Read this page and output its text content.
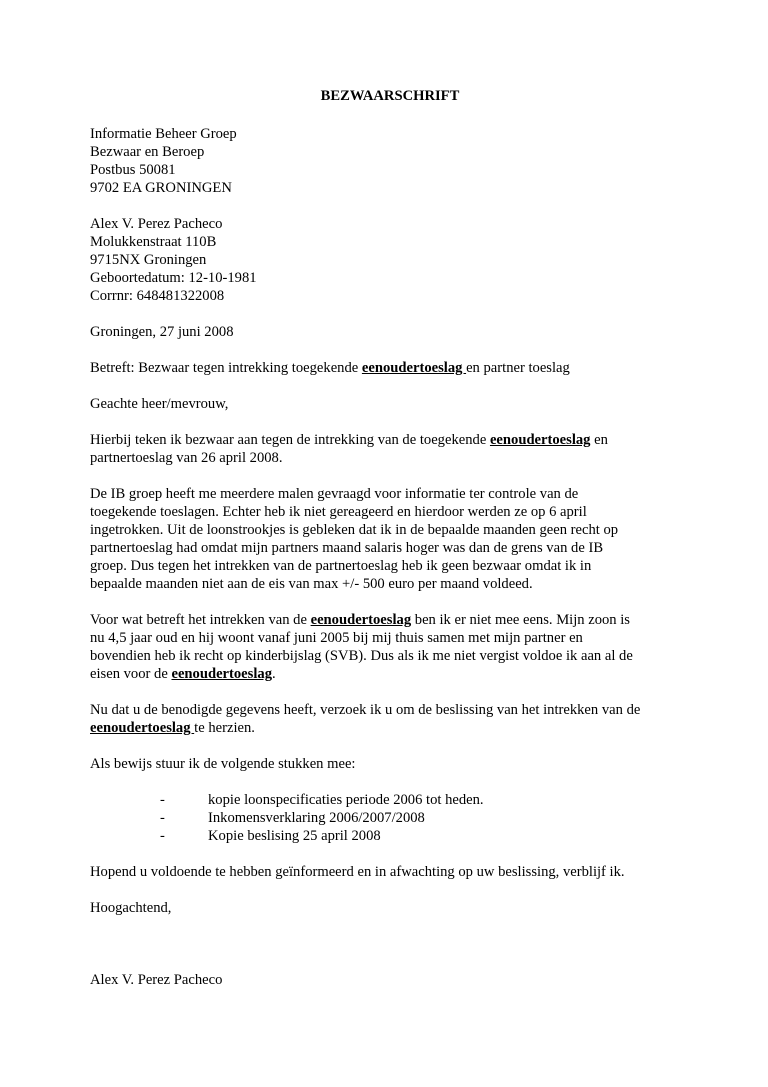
BEZWAARSCHRIFT
Informatie Beheer Groep
Bezwaar en Beroep
Postbus 50081
9702 EA GRONINGEN
Alex V. Perez Pacheco
Molukkenstraat 110B
9715NX Groningen
Geboortedatum: 12-10-1981
Corrnr: 648481322008

Groningen, 27 juni 2008

Betreft: Bezwaar tegen intrekking toegekende eenoudertoeslag en partner toeslag

Geachte heer/mevrouw,

Hierbij teken ik bezwaar aan tegen de intrekking van de toegekende eenoudertoeslag en
partnertoeslag van 26 april 2008.

De IB groep heeft me meerdere malen gevraagd voor informatie ter controle van de
toegekende toeslagen. Echter heb ik niet gereageerd en hierdoor werden ze op 6 april
ingetrokken. Uit de loonstrookjes is gebleken dat ik in de bepaalde maanden geen recht op
partnertoeslag had omdat mijn partners maand salaris hoger was dan de grens van de IB
groep. Dus tegen het intrekken van de partnertoeslag heb ik geen bezwaar omdat ik in
bepaalde maanden niet aan de eis van max +/- 500 euro per maand voldeed.

Voor wat betreft het intrekken van de eenoudertoeslag ben ik er niet mee eens. Mijn zoon is
nu 4,5 jaar oud en hij woont vanaf juni 2005 bij mij thuis samen met mijn partner en
bovendien heb ik recht op kinderbijslag (SVB). Dus als ik me niet vergist voldoe ik aan al de
eisen voor de eenoudertoeslag.

Nu dat u de benodigde gegevens heeft, verzoek ik u om de beslissing van het intrekken van de
eenoudertoeslag te herzien.

Als bewijs stuur ik de volgende stukken mee:

-	kopie loonspecificaties periode 2006 tot heden.
-	Inkomensverklaring 2006/2007/2008
-	Kopie beslising 25 april 2008

Hopend u voldoende te hebben geïnformeerd en in afwachting op uw beslissing, verblijf ik.

Hoogachtend,

Alex V. Perez Pacheco
